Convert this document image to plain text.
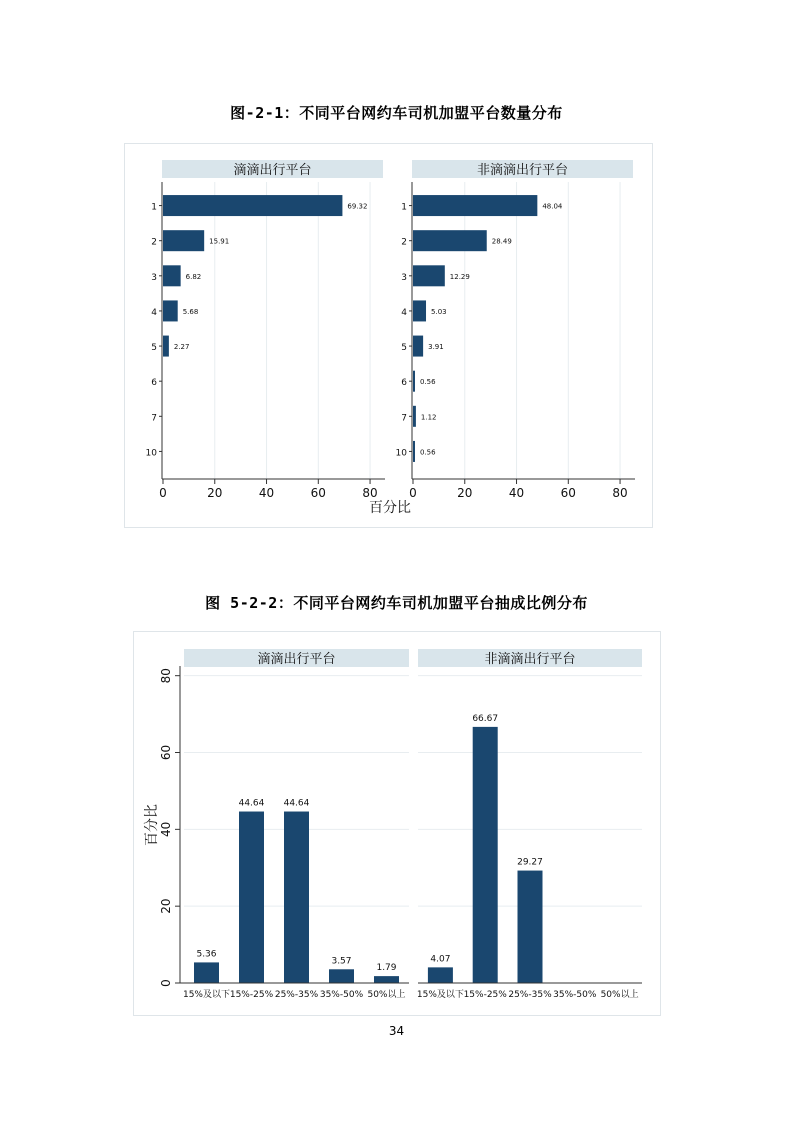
图-2-1：不同平台网约车司机加盟平台数量分布
滴滴出行平台	非滴滴出行平台
0	20	40	60	80	0	20	40	60	80
1	69.32
2	15.91
3	6.82
4	5.68
5 2.27
6
7
10
1	48.04
2	28.49
3	12.29
4	5.03
5	3.91
6 0.56
7 1.12
10 0.56
百分比
图 5-2-2：不同平台网约车司机加盟平台抽成比例分布
滴滴出行平台	非滴滴出行平台
0
20
40
60
80
百分比
15%及以下
5.36
15%-25%
44.64
25%-35%
44.64
35%-50%
3.57
50%以上
1.79
15%及以下
4.07
15%-25%
66.67
25%-35%
29.27
35%-50% 50%以上
34
